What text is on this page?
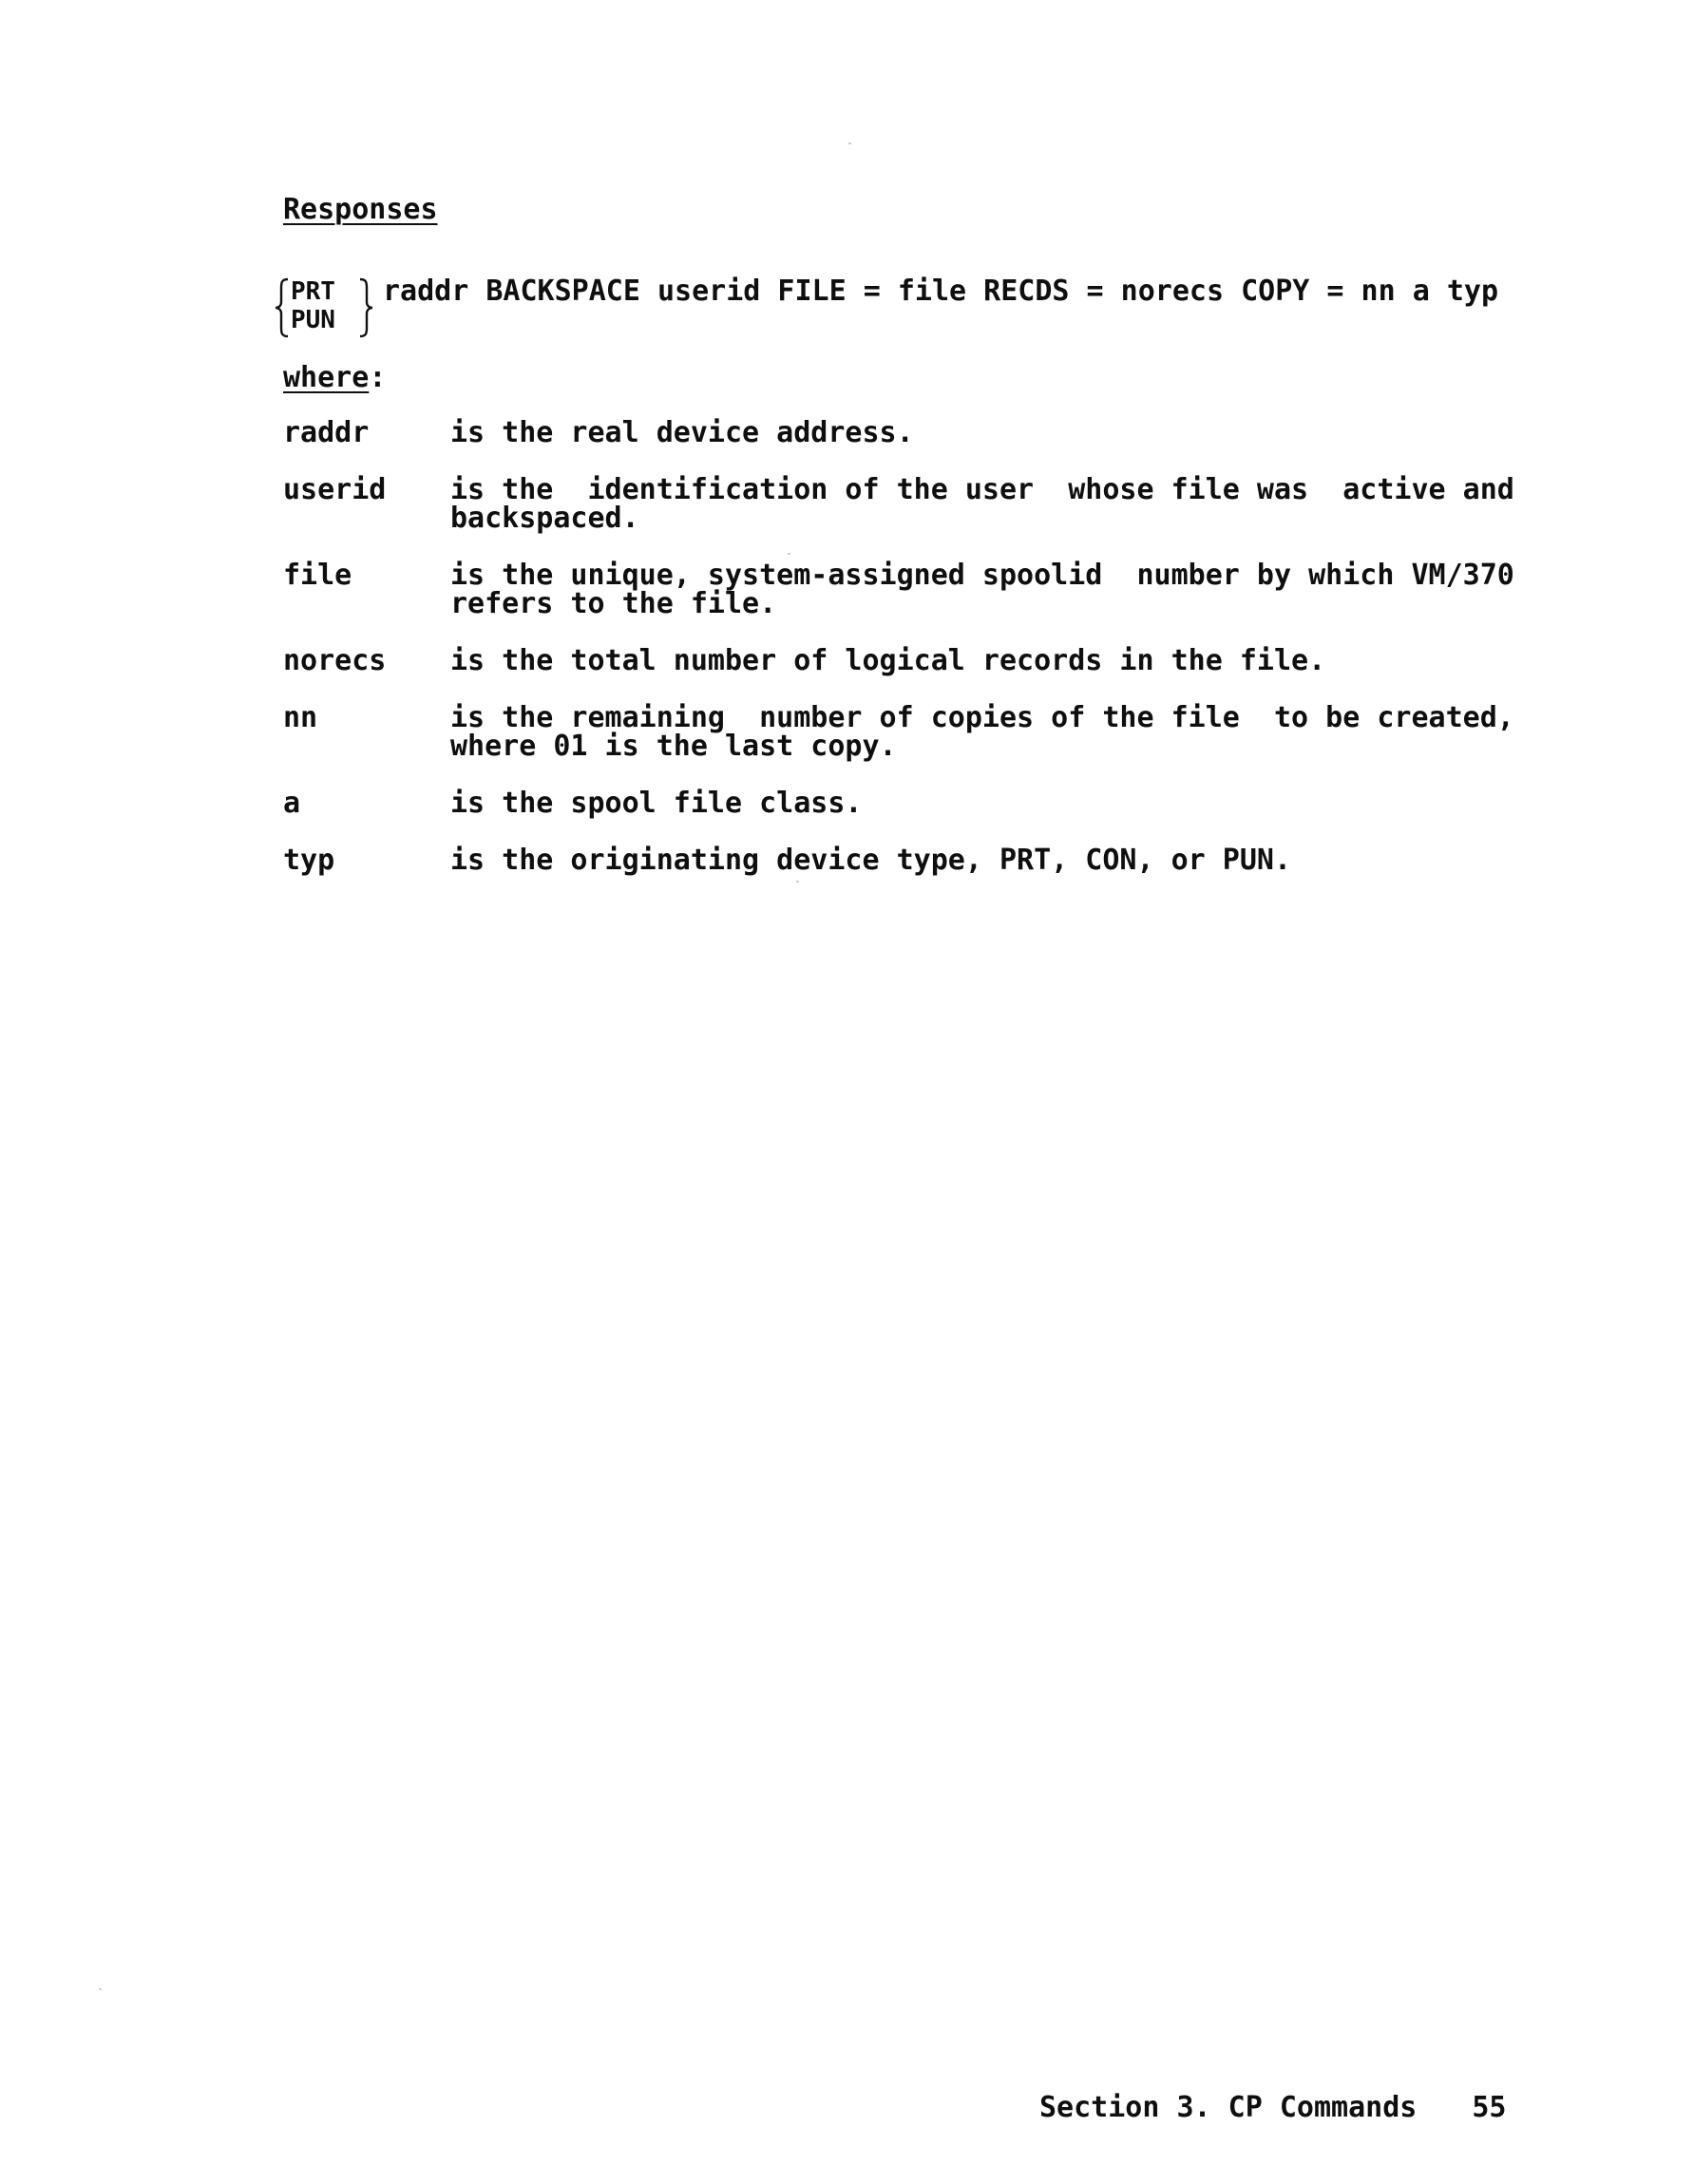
Responses
PRT
PUN
raddr BACKSPACE userid FILE = file RECDS = norecs COPY = nn a typ
where:
raddr	is the real device address.
userid is the  identification of the user  whose file was  active and
backspaced.
file	is the unique, system-assigned spoolid  number by which VM/370
refers to the file.
norecs is the total number of logical records in the file.
nn	is the remaining  number of copies of the file  to be created,
where 01 is the last copy.
a	is the spool file class.
typ	is the originating device type, PRT, CON, or PUN.
Section 3. CP Commands 55
